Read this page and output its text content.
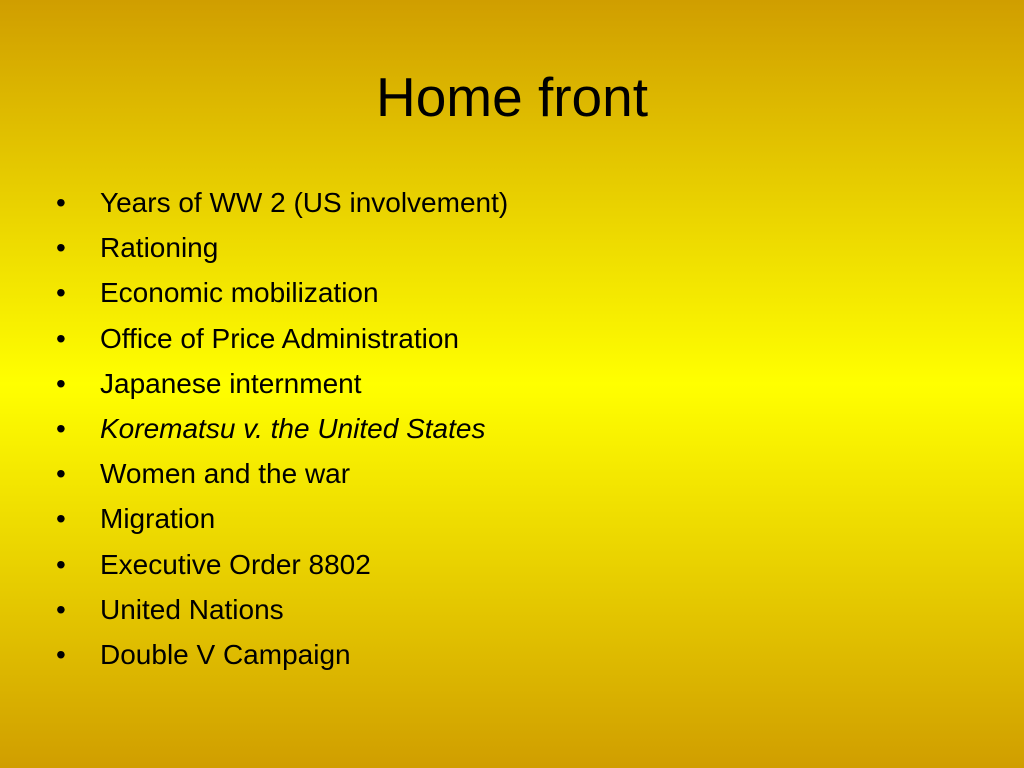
Home front
•	Years of WW 2 (US involvement)
•	Rationing
•	Economic mobilization
•	Office of Price Administration
•	Japanese internment
•	Korematsu v. the United States
•	Women and the war
•	Migration
•	Executive Order 8802
•	United Nations
•	Double V Campaign
